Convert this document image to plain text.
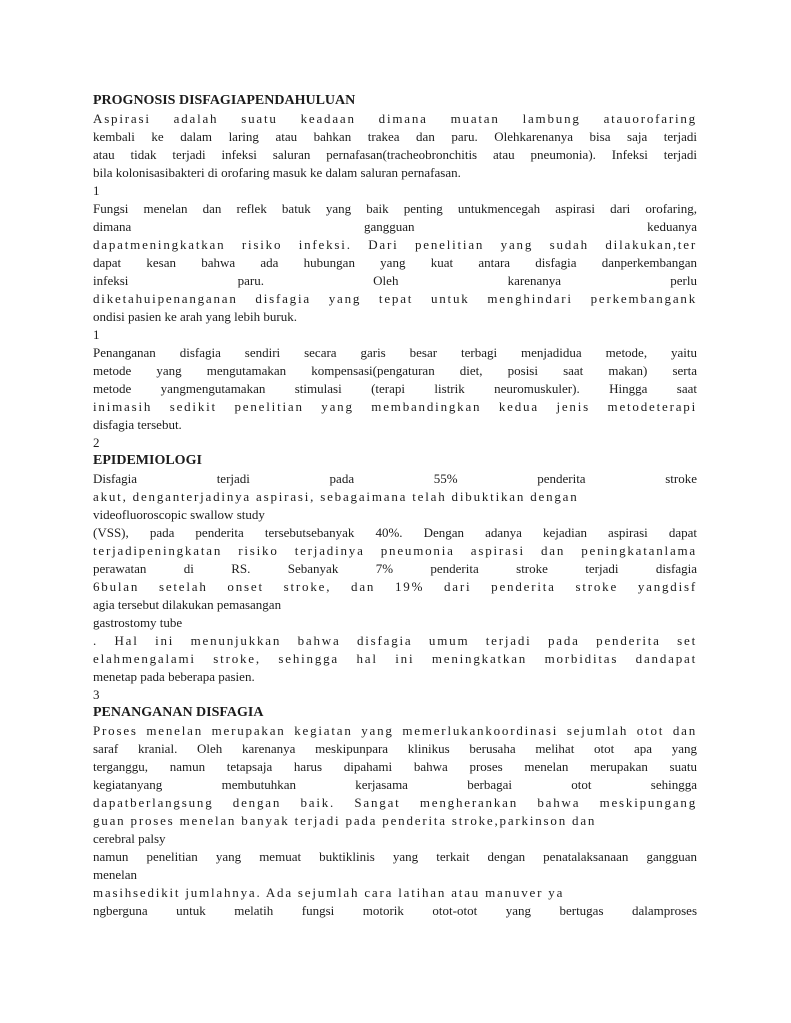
PROGNOSIS DISFAGIAPENDAHULUAN
Aspirasi adalah suatu keadaan dimana muatan lambung atauorofaring
kembali ke dalam laring atau bahkan trakea dan paru. Olehkarenanya bisa saja terjadi
atau tidak terjadi infeksi saluran pernafasan(tracheobronchitis atau pneumonia). Infeksi terjadi
bila kolonisasibakteri di orofaring masuk ke dalam saluran pernafasan.
1
Fungsi menelan dan reflek batuk yang baik penting untukmencegah aspirasi dari orofaring,
dimana gangguan keduanya
dapatmeningkatkan risiko infeksi. Dari penelitian yang sudah dilakukan,ter
dapat kesan bahwa ada hubungan yang kuat antara disfagia danperkembangan
infeksi paru. Oleh karenanya perlu
diketahuipenanganan disfagia yang tepat untuk menghindari perkembangank
ondisi pasien ke arah yang lebih buruk.
1
Penanganan disfagia sendiri secara garis besar terbagi menjadidua metode, yaitu
metode yang mengutamakan kompensasi(pengaturan diet, posisi saat makan) serta
metode yangmengutamakan stimulasi (terapi listrik neuromuskuler). Hingga saat
inimasih sedikit penelitian yang membandingkan kedua jenis metodeterapi
disfagia tersebut.
2
EPIDEMIOLOGI
Disfagia terjadi pada 55% penderita stroke
akut, denganterjadinya aspirasi, sebagaimana telah dibuktikan dengan
videofluoroscopic swallow study
(VSS), pada penderita tersebutsebanyak 40%. Dengan adanya kejadian aspirasi dapat
terjadipeningkatan risiko terjadinya pneumonia aspirasi dan peningkatanlama
perawatan di RS. Sebanyak 7% penderita stroke terjadi disfagia
6bulan setelah onset stroke, dan 19% dari penderita stroke yangdisf
agia tersebut dilakukan pemasangan
gastrostomy tube
. Hal ini menunjukkan bahwa disfagia umum terjadi pada penderita set
elahmengalami stroke, sehingga hal ini meningkatkan morbiditas dandapat
menetap pada beberapa pasien.
3
PENANGANAN DISFAGIA
Proses menelan merupakan kegiatan yang memerlukankoordinasi sejumlah otot dan
saraf kranial. Oleh karenanya meskipunpara klinikus berusaha melihat otot apa yang
terganggu, namun tetapsaja harus dipahami bahwa proses menelan merupakan suatu
kegiatanyang membutuhkan kerjasama berbagai otot sehingga
dapatberlangsung dengan baik. Sangat mengherankan bahwa meskipungang
guan proses menelan banyak terjadi pada penderita stroke,parkinson dan
cerebral palsy
namun penelitian yang memuat buktiklinis yang terkait dengan penatalaksanaan gangguan
menelan
masihsedikit jumlahnya. Ada sejumlah cara latihan atau manuver ya
ngberguna untuk melatih fungsi motorik otot-otot yang bertugas dalamproses
